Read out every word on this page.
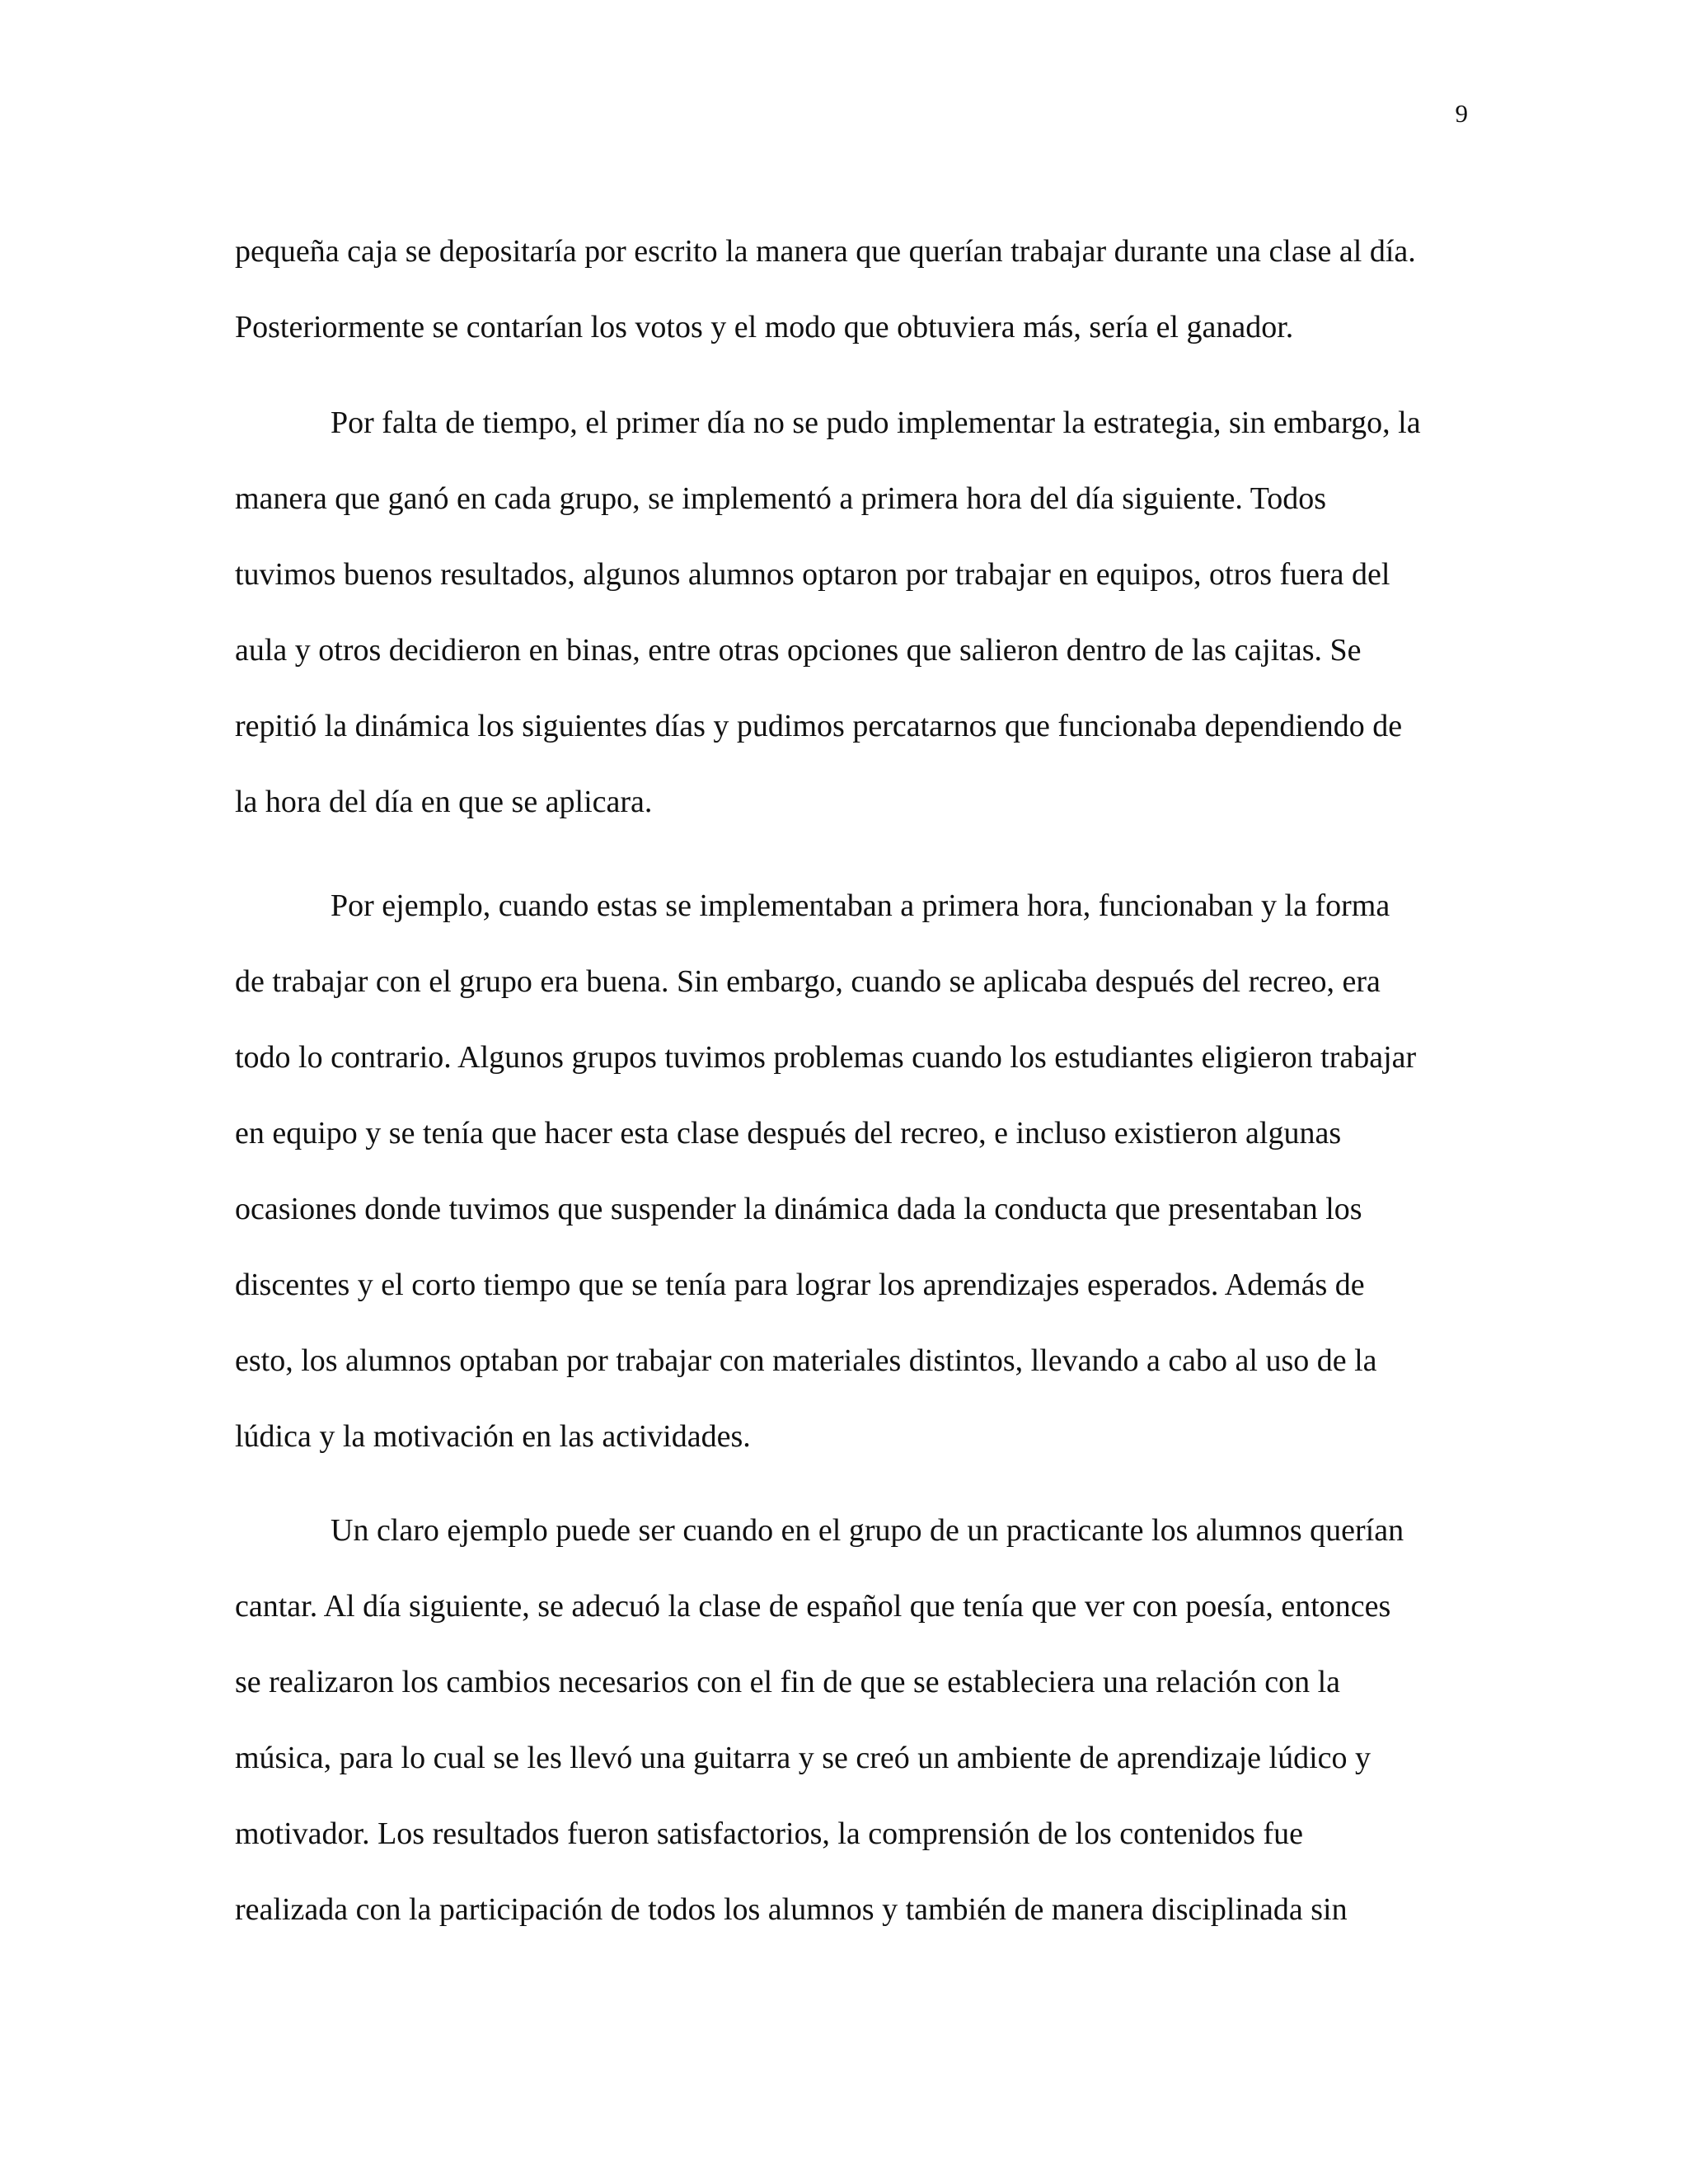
9
pequeña caja se depositaría por escrito la manera que querían trabajar durante una clase al día.
Posteriormente se contarían los votos y el modo que obtuviera más, sería el ganador.
Por falta de tiempo, el primer día no se pudo implementar la estrategia, sin embargo, la
manera que ganó en cada grupo, se implementó a primera hora del día siguiente. Todos
tuvimos buenos resultados, algunos alumnos optaron por trabajar en equipos, otros fuera del
aula y otros decidieron en binas, entre otras opciones que salieron dentro de las cajitas. Se
repitió la dinámica los siguientes días y pudimos percatarnos que funcionaba dependiendo de
la hora del día en que se aplicara.
Por ejemplo, cuando estas se implementaban a primera hora, funcionaban y la forma
de trabajar con el grupo era buena. Sin embargo, cuando se aplicaba después del recreo, era
todo lo contrario. Algunos grupos tuvimos problemas cuando los estudiantes eligieron trabajar
en equipo y se tenía que hacer esta clase después del recreo, e incluso existieron algunas
ocasiones donde tuvimos que suspender la dinámica dada la conducta que presentaban los
discentes y el corto tiempo que se tenía para lograr los aprendizajes esperados. Además de
esto, los alumnos optaban por trabajar con materiales distintos, llevando a cabo al uso de la
lúdica y la motivación en las actividades.
Un claro ejemplo puede ser cuando en el grupo de un practicante los alumnos querían
cantar. Al día siguiente, se adecuó la clase de español que tenía que ver con poesía, entonces
se realizaron los cambios necesarios con el fin de que se estableciera una relación con la
música, para lo cual se les llevó una guitarra y se creó un ambiente de aprendizaje lúdico y
motivador. Los resultados fueron satisfactorios, la comprensión de los contenidos fue
realizada con la participación de todos los alumnos y también de manera disciplinada sin
